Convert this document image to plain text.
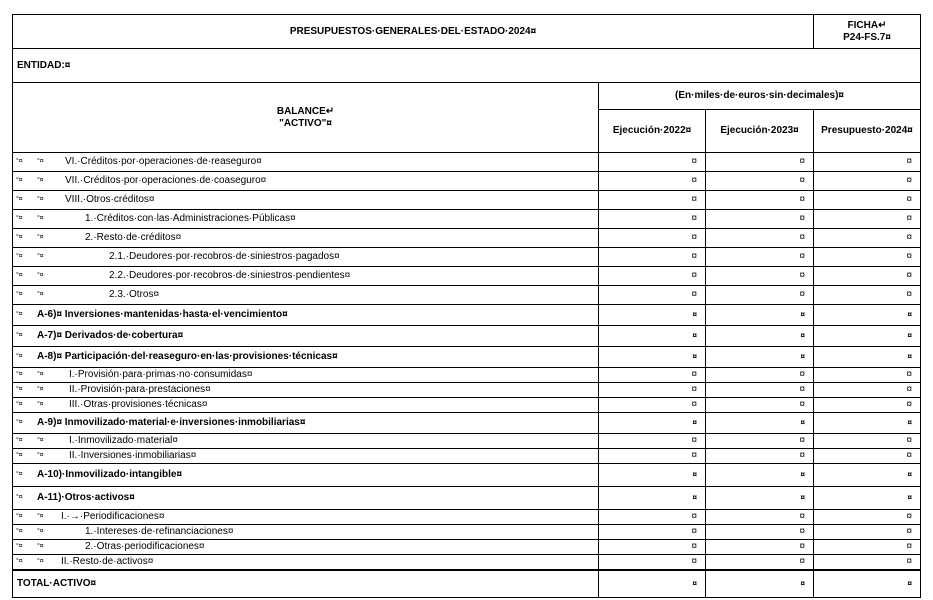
PRESUPUESTOS·GENERALES·DEL·ESTADO·2024¤			FICHA↵
P24-FS.7¤

ENTIDAD:¤			

BALANCE↵
"ACTIVO"¤	(En·miles·de·euros·sin·decimales)¤		
	Ejecución·2022¤	Ejecución·2023¤	Presupuesto·2024¤

°¤ °¤ VI.·Créditos·por·operaciones·de·reaseguro¤	¤	¤	¤

°¤ °¤ VII.·Créditos·por·operaciones·de·coaseguro¤	¤	¤	¤

°¤ °¤ VIII.·Otros·créditos¤	¤	¤	¤

°¤ °¤ 1.·Créditos·con·las·Administraciones·Públicas¤	¤	¤	¤

°¤ °¤ 2.·Resto·de·créditos¤	¤	¤	¤

°¤ °¤ 2.1.·Deudores·por·recobros·de·siniestros·pagados¤	¤	¤	¤

°¤ °¤ 2.2.·Deudores·por·recobros·de·siniestros·pendientes¤	¤	¤	¤

°¤ °¤ 2.3.·Otros¤	¤	¤	¤

°¤ A-6)¤ Inversiones·mantenidas·hasta·el·vencimiento¤	¤	¤	¤

°¤ A-7)¤ Derivados·de·cobertura¤	¤	¤	¤

°¤ A-8)¤ Participación·del·reaseguro·en·las·provisiones·técnicas¤	¤	¤	¤

°¤ °¤ I.·Provisión·para·primas·no·consumidas¤	¤	¤	¤

°¤ °¤ II.·Provisión·para·prestaciones¤	¤	¤	¤

°¤ °¤ III.·Otras·provisiones·técnicas¤	¤	¤	¤

°¤ A-9)¤ Inmovilizado·material·e·inversiones·inmobiliarias¤	¤	¤	¤

°¤ °¤ I.·Inmovilizado·material¤	¤	¤	¤

°¤ °¤ II.·Inversiones·inmobiliarias¤	¤	¤	¤

°¤ A-10)·Inmovilizado·intangible¤	¤	¤	¤

°¤ A-11)·Otros·activos¤	¤	¤	¤

°¤ °¤ I.·→·Periodificaciones¤	¤	¤	¤

°¤ °¤ 1.·Intereses·de·refinanciaciones¤	¤	¤	¤

°¤ °¤ 2.·Otras·periodificaciones¤	¤	¤	¤

°¤ °¤ II.·Resto·de·activos¤	¤	¤	¤
TOTAL·ACTIVO¤	¤	¤	¤
